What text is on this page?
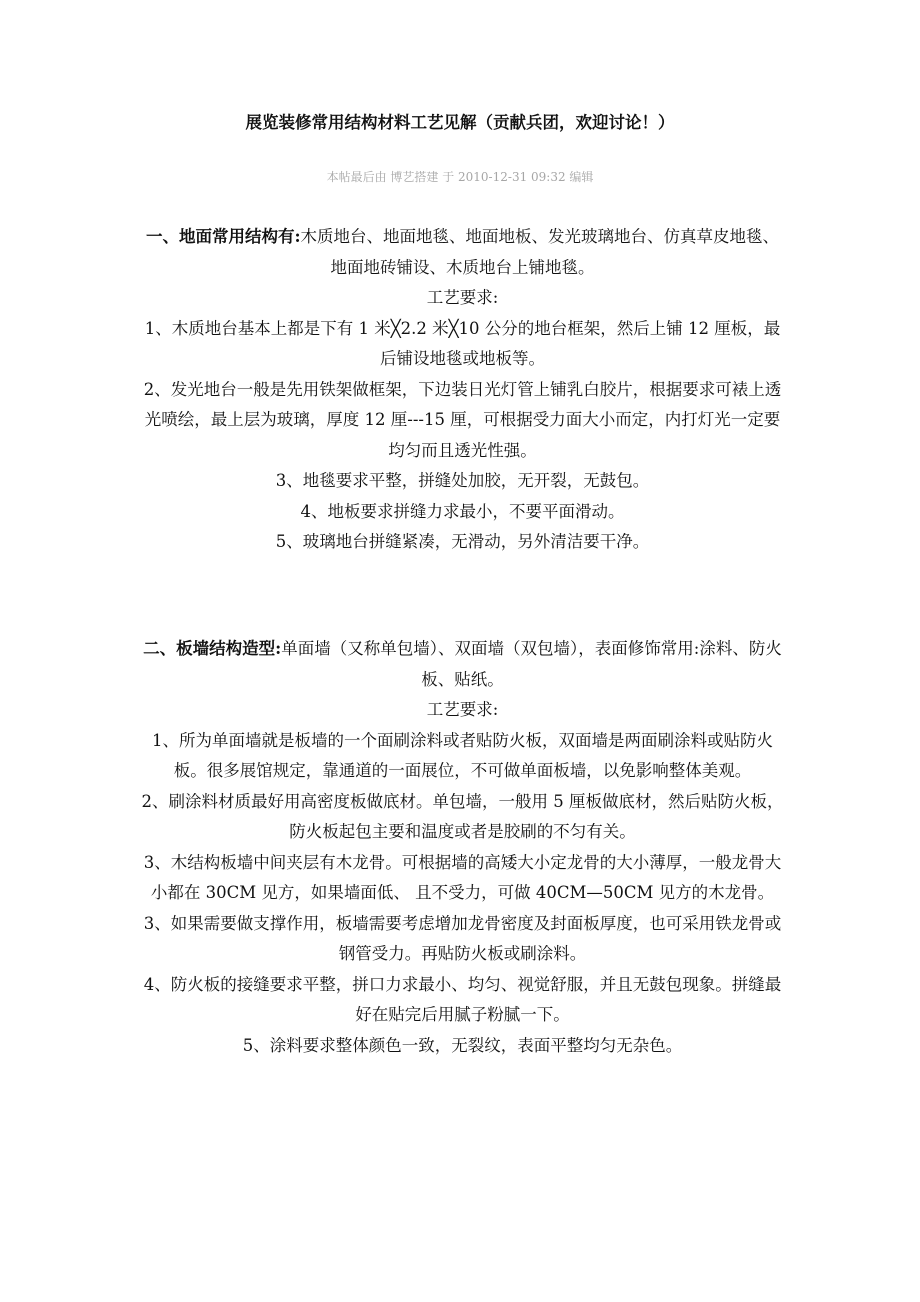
展览装修常用结构材料工艺见解（贡献兵团，欢迎讨论！）
本帖最后由 博艺搭建 于 2010-12-31 09:32 编辑

一、地面常用结构有:木质地台、地面地毯、地面地板、发光玻璃地台、仿真草皮地毯、地面地砖铺设、木质地台上铺地毯。

工艺要求:

1、木质地台基本上都是下有 1 米╳2.2 米╳10 公分的地台框架，然后上铺 12 厘板，最后铺设地毯或地板等。

2、发光地台一般是先用铁架做框架，下边装日光灯管上铺乳白胶片，根据要求可裱上透光喷绘，最上层为玻璃，厚度 12 厘---15 厘，可根据受力面大小而定，内打灯光一定要均匀而且透光性强。

3、地毯要求平整，拼缝处加胶，无开裂，无鼓包。

4、地板要求拼缝力求最小，不要平面滑动。

5、玻璃地台拼缝紧凑，无滑动，另外清洁要干净。

二、板墙结构造型:单面墙（又称单包墙）、双面墙（双包墙），表面修饰常用:涂料、防火板、贴纸。

工艺要求:

1、所为单面墙就是板墙的一个面刷涂料或者贴防火板，双面墙是两面刷涂料或贴防火板。很多展馆规定，靠通道的一面展位，不可做单面板墙，以免影响整体美观。

2、刷涂料材质最好用高密度板做底材。单包墙，一般用 5 厘板做底材，然后贴防火板，防火板起包主要和温度或者是胶刷的不匀有关。

3、木结构板墙中间夹层有木龙骨。可根据墙的高矮大小定龙骨的大小薄厚，一般龙骨大小都在 30CM 见方，如果墙面低、 且不受力，可做 40CM—50CM 见方的木龙骨。

3、如果需要做支撑作用，板墙需要考虑增加龙骨密度及封面板厚度，也可采用铁龙骨或钢管受力。再贴防火板或刷涂料。

4、防火板的接缝要求平整，拼口力求最小、均匀、视觉舒服，并且无鼓包现象。拼缝最好在贴完后用腻子粉腻一下。

5、涂料要求整体颜色一致，无裂纹，表面平整均匀无杂色。
